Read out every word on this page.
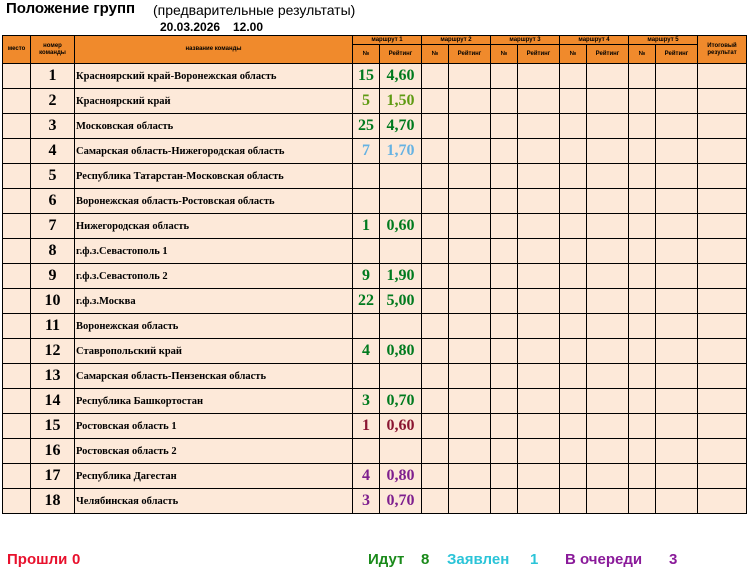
Положение групп (предварительные результаты)
20.03.2026 12.00
место	номер команды	название команды	маршрут 1		маршрут 2		маршрут 3		маршрут 4		маршрут 5		Итоговый результат
			№	Рейтинг	№	Рейтинг	№	Рейтинг	№	Рейтинг	№	Рейтинг	
	1	Красноярский край-Воронежская область	15	4,60									
	2	Красноярский край	5	1,50									
	3	Московская область	25	4,70									
	4	Самарская область-Нижегородская область	7	1,70									
	5	Республика Татарстан-Московская область											
	6	Воронежская область-Ростовская область											
	7	Нижегородская область	1	0,60									
	8	г.ф.з.Севастополь 1											
	9	г.ф.з.Севастополь 2	9	1,90									
	10	г.ф.з.Москва	22	5,00									
	11	Воронежская область											
	12	Ставропольский край	4	0,80									
	13	Самарская область-Пензенская область											
	14	Республика Башкортостан	3	0,70									
	15	Ростовская область 1	1	0,60									
	16	Ростовская область 2											
	17	Республика Дагестан	4	0,80									
	18	Челябинская область	3	0,70									
Прошли 0	Идут 8 Заявлен 1 В очереди 3
